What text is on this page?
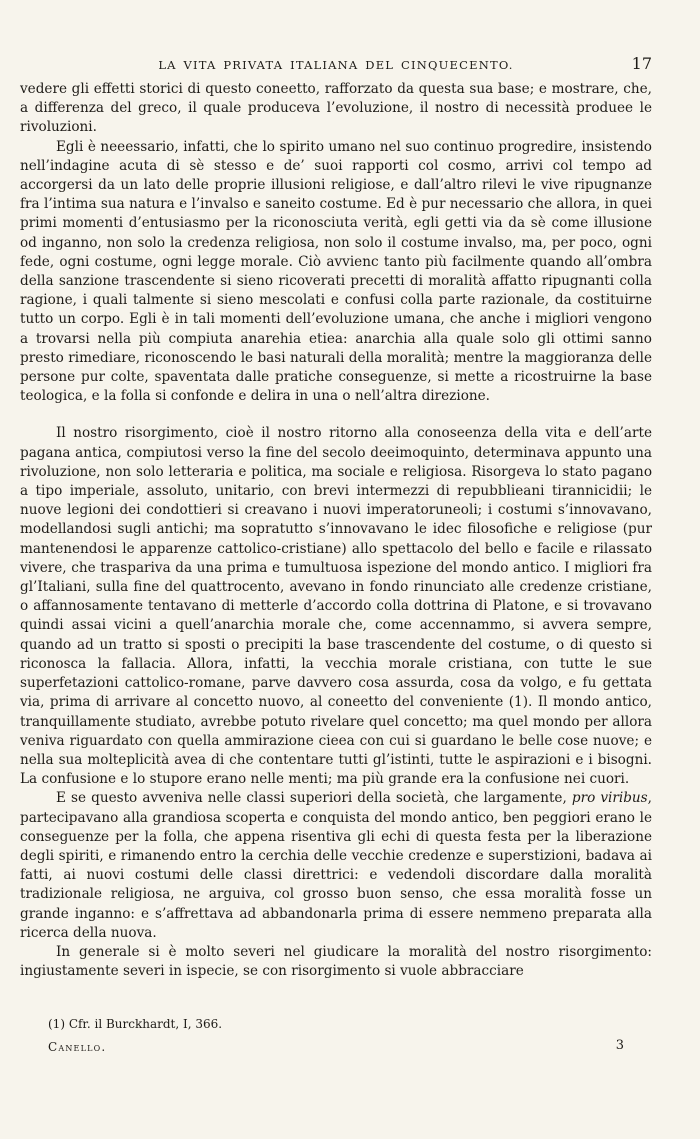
LA VITA PRIVATA ITALIANA DEL CINQUECENTO.	17

vedere gli effetti storici di questo coneetto, rafforzato da questa sua base; e mostrare, che, a differenza del greco, il quale produceva l’evoluzione, il nostro di necessità produee le rivoluzioni.

Egli è neeessario, infatti, che lo spirito umano nel suo continuo progredire, insistendo nell’indagine acuta di sè stesso e de’ suoi rapporti col cosmo, arrivi col tempo ad accorgersi da un lato delle proprie illusioni religiose, e dall’altro rilevi le vive ripugnanze fra l’intima sua natura e l’invalso e saneito costume. Ed è pur necessario che allora, in quei primi momenti d’entusiasmo per la riconosciuta verità, egli getti via da sè come illusione od inganno, non solo la credenza religiosa, non solo il costume invalso, ma, per poco, ogni fede, ogni costume, ogni legge morale. Ciò avvienc tanto più facilmente quando all’ombra della sanzione trascendente si sieno ricoverati precetti di moralità affatto ripugnanti colla ragione, i quali talmente si sieno mescolati e confusi colla parte razionale, da costituirne tutto un corpo. Egli è in tali momenti dell’evoluzione umana, che anche i migliori vengono a trovarsi nella più compiuta anarehia etiea: anarchia alla quale solo gli ottimi sanno presto rimediare, riconoscendo le basi naturali della moralità; mentre la maggioranza delle persone pur colte, spaventata dalle pratiche conseguenze, si mette a ricostruirne la base teologica, e la folla si confonde e delira in una o nell’altra direzione.

Il nostro risorgimento, cioè il nostro ritorno alla conoseenza della vita e dell’arte pagana antica, compiutosi verso la fine del secolo deeimoquinto, determinava appunto una rivoluzione, non solo letteraria e politica, ma sociale e religiosa. Risorgeva lo stato pagano a tipo imperiale, assoluto, unitario, con brevi intermezzi di repubblieani tirannicidii; le nuove legioni dei condottieri si creavano i nuovi imperatoruneoli; i costumi s’innovavano, modellandosi sugli antichi; ma sopratutto s’innovavano le idec filosofiche e religiose (pur mantenendosi le apparenze cattolico-cristiane) allo spettacolo del bello e facile e rilassato vivere, che traspariva da una prima e tumultuosa ispezione del mondo antico. I migliori fra gl’Italiani, sulla fine del quattrocento, avevano in fondo rinunciato alle credenze cristiane, o affannosamente tentavano di metterle d’accordo colla dottrina di Platone, e si trovavano quindi assai vicini a quell’anarchia morale che, come accennammo, si avvera sempre, quando ad un tratto si sposti o precipiti la base trascendente del costume, o di questo si riconosca la fallacia. Allora, infatti, la vecchia morale cristiana, con tutte le sue superfetazioni cattolico-romane, parve davvero cosa assurda, cosa da volgo, e fu gettata via, prima di arrivare al concetto nuovo, al coneetto del conveniente (1). Il mondo antico, tranquillamente studiato, avrebbe potuto rivelare quel concetto; ma quel mondo per allora veniva riguardato con quella ammirazione cieea con cui si guardano le belle cose nuove; e nella sua molteplicità avea di che contentare tutti gl’istinti, tutte le aspirazioni e i bisogni. La confusione e lo stupore erano nelle menti; ma più grande era la confusione nei cuori.

E se questo avveniva nelle classi superiori della società, che largamente, pro viribus, partecipavano alla grandiosa scoperta e conquista del mondo antico, ben peggiori erano le conseguenze per la folla, che appena risentiva gli echi di questa festa per la liberazione degli spiriti, e rimanendo entro la cerchia delle vecchie credenze e superstizioni, badava ai fatti, ai nuovi costumi delle classi direttrici: e vedendoli discordare dalla moralità tradizionale religiosa, ne arguiva, col grosso buon senso, che essa moralità fosse un grande inganno: e s’affrettava ad abbandonarla prima di essere nemmeno preparata alla ricerca della nuova.

In generale si è molto severi nel giudicare la moralità del nostro risorgimento: ingiustamente severi in ispecie, se con risorgimento si vuole abbracciare

(1) Cfr. il Burckhardt, I, 366.
Canello.	3
